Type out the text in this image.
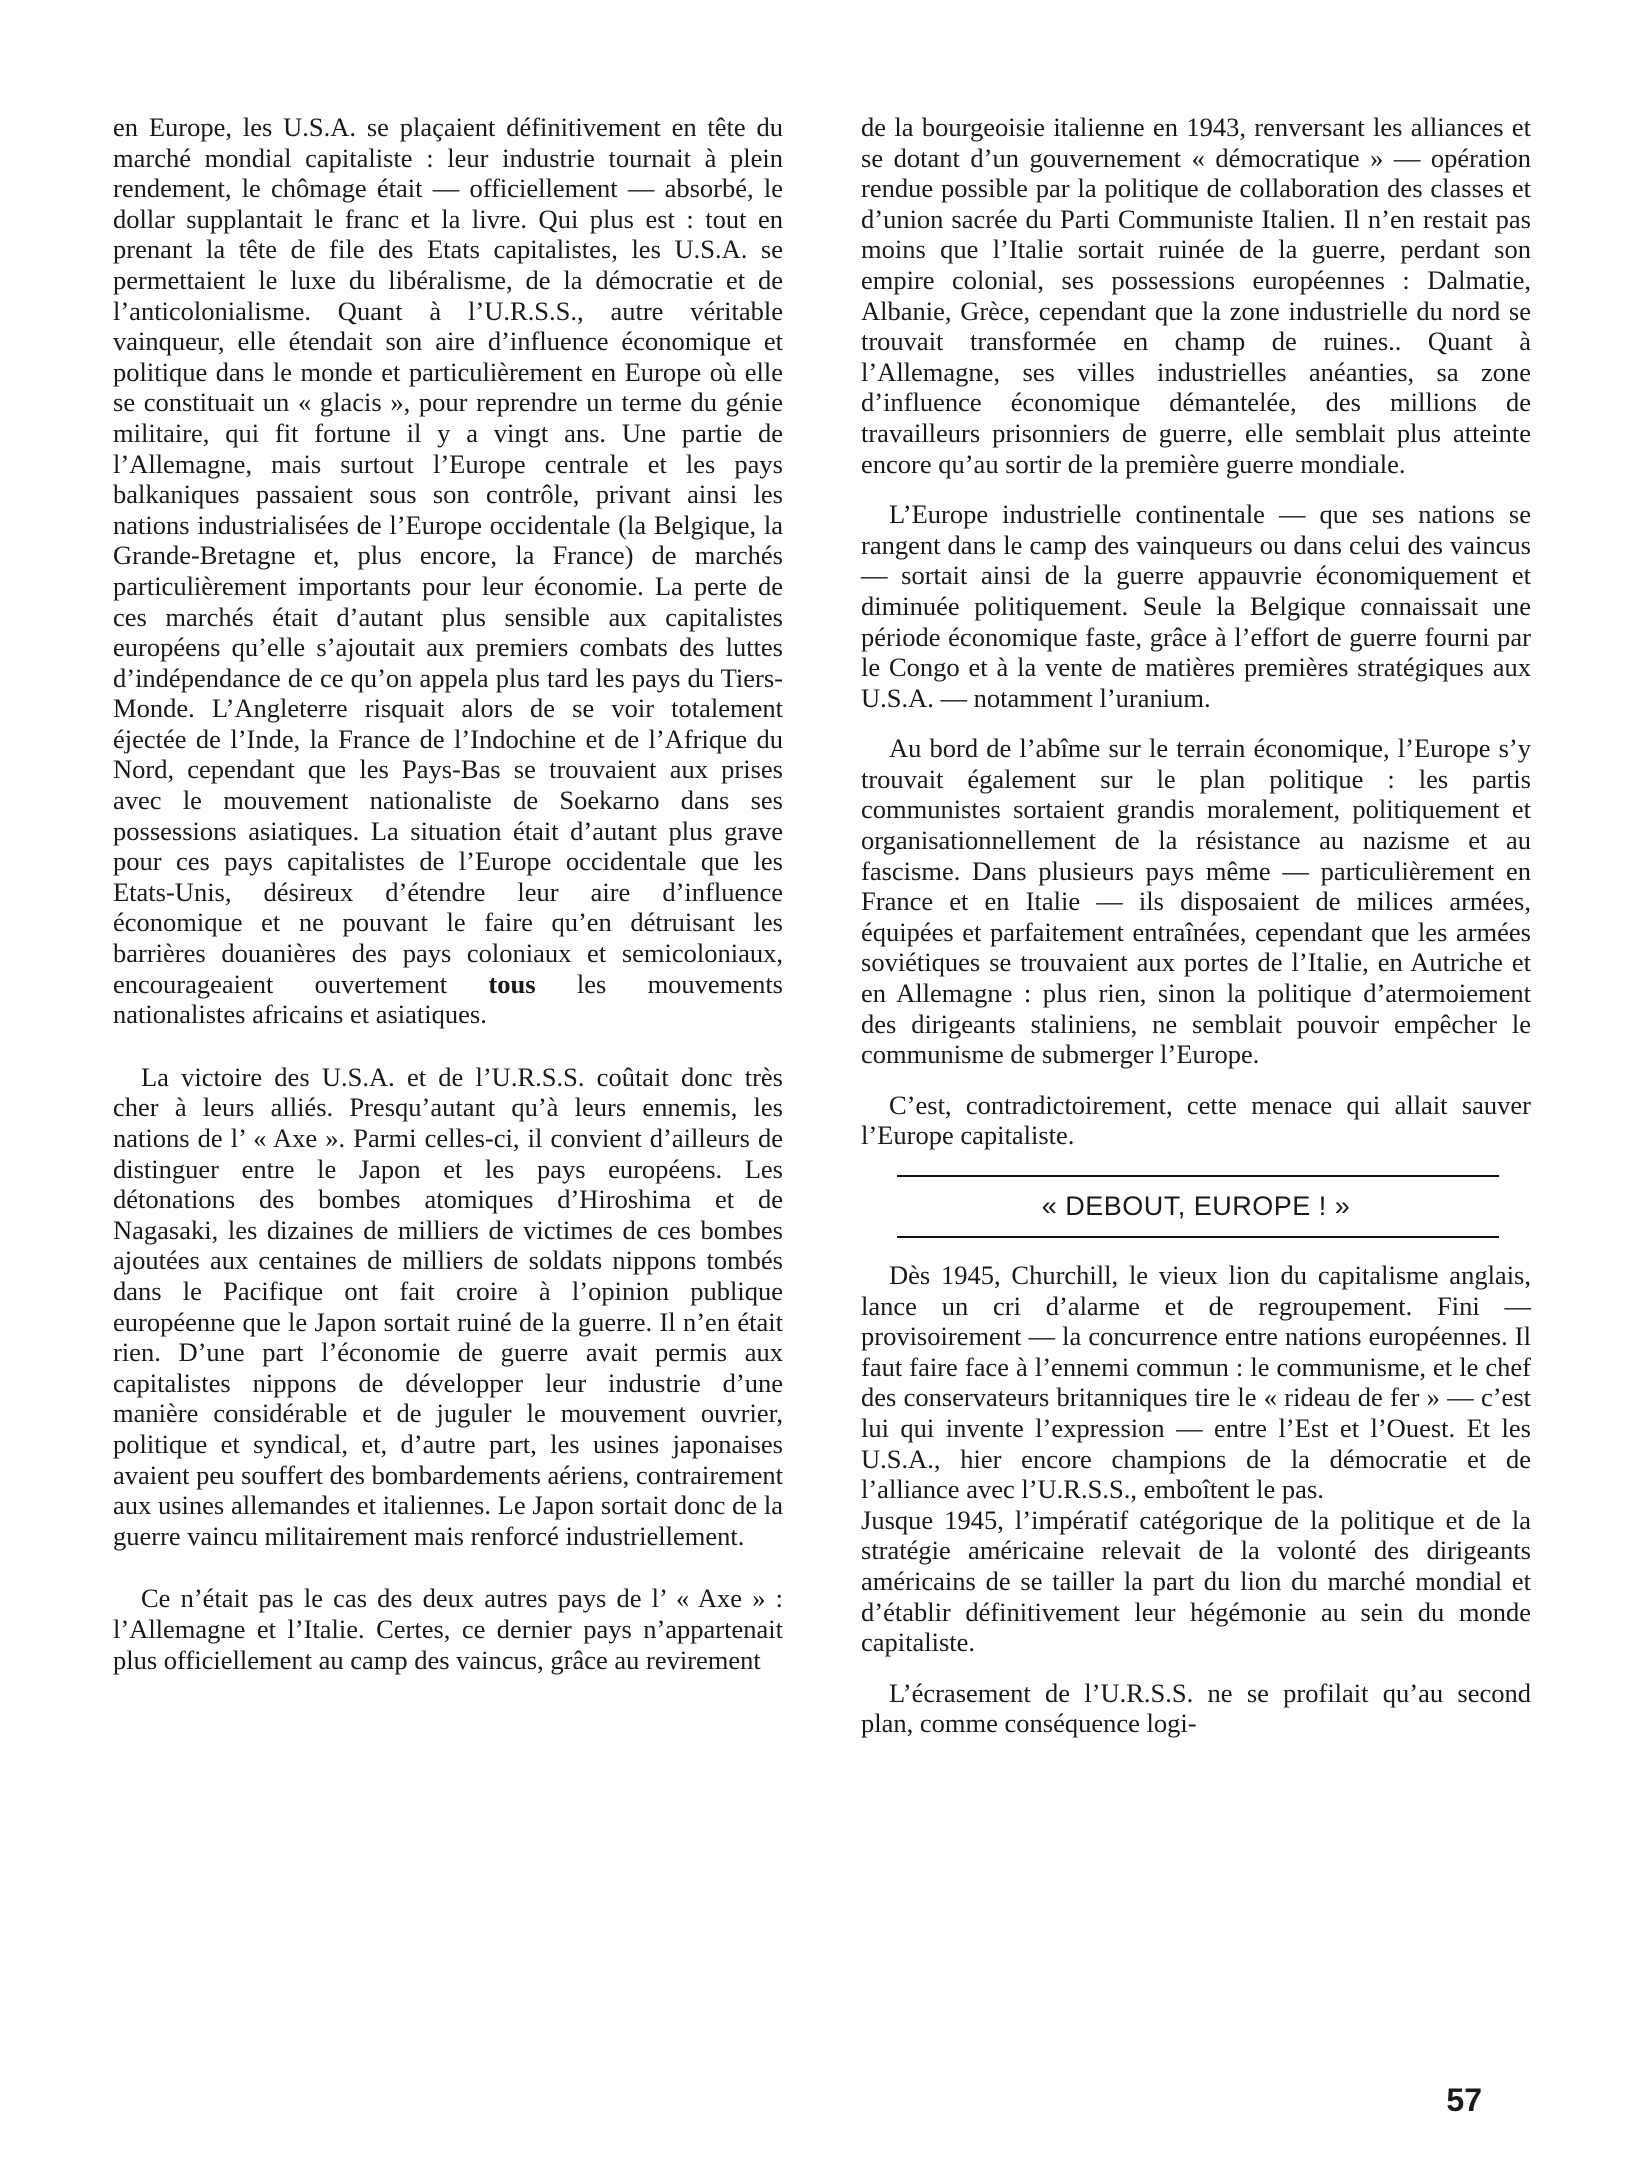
en Europe, les U.S.A. se plaçaient définitivement en tête du marché mondial capitaliste : leur industrie tournait à plein rendement, le chômage était — officiellement — absorbé, le dollar supplantait le franc et la livre. Qui plus est : tout en prenant la tête de file des Etats capitalistes, les U.S.A. se permettaient le luxe du libéralisme, de la démocratie et de l’anticolonialisme. Quant à l’U.R.S.S., autre véritable vainqueur, elle étendait son aire d’influence économique et politique dans le monde et particulièrement en Europe où elle se constituait un « glacis », pour reprendre un terme du génie militaire, qui fit fortune il y a vingt ans. Une partie de l’Allemagne, mais surtout l’Europe centrale et les pays balkaniques passaient sous son contrôle, privant ainsi les nations industrialisées de l’Europe occidentale (la Belgique, la Grande-Bretagne et, plus encore, la France) de marchés particulièrement importants pour leur économie. La perte de ces marchés était d’autant plus sensible aux capitalistes européens qu’elle s’ajoutait aux premiers combats des luttes d’indépendance de ce qu’on appela plus tard les pays du Tiers-Monde. L’Angleterre risquait alors de se voir totalement éjectée de l’Inde, la France de l’Indochine et de l’Afrique du Nord, cependant que les Pays-Bas se trouvaient aux prises avec le mouvement nationaliste de Soekarno dans ses possessions asiatiques. La situation était d’autant plus grave pour ces pays capitalistes de l’Europe occidentale que les Etats-Unis, désireux d’étendre leur aire d’influence économique et ne pouvant le faire qu’en détruisant les barrières douanières des pays coloniaux et semicoloniaux, encourageaient ouvertement tous les mouvements nationalistes africains et asiatiques.

La victoire des U.S.A. et de l’U.R.S.S. coûtait donc très cher à leurs alliés. Presqu’autant qu’à leurs ennemis, les nations de l’ « Axe ». Parmi celles-ci, il convient d’ailleurs de distinguer entre le Japon et les pays européens. Les détonations des bombes atomiques d’Hiroshima et de Nagasaki, les dizaines de milliers de victimes de ces bombes ajoutées aux centaines de milliers de soldats nippons tombés dans le Pacifique ont fait croire à l’opinion publique européenne que le Japon sortait ruiné de la guerre. Il n’en était rien. D’une part l’économie de guerre avait permis aux capitalistes nippons de développer leur industrie d’une manière considérable et de juguler le mouvement ouvrier, politique et syndical, et, d’autre part, les usines japonaises avaient peu souffert des bombardements aériens, contrairement aux usines allemandes et italiennes. Le Japon sortait donc de la guerre vaincu militairement mais renforcé industriellement.

Ce n’était pas le cas des deux autres pays de l’ « Axe » : l’Allemagne et l’Italie. Certes, ce dernier pays n’appartenait plus officiellement au camp des vaincus, grâce au revirement

de la bourgeoisie italienne en 1943, renversant les alliances et se dotant d’un gouvernement « démocratique » — opération rendue possible par la politique de collaboration des classes et d’union sacrée du Parti Communiste Italien. Il n’en restait pas moins que l’Italie sortait ruinée de la guerre, perdant son empire colonial, ses possessions européennes : Dalmatie, Albanie, Grèce, cependant que la zone industrielle du nord se trouvait transformée en champ de ruines.. Quant à l’Allemagne, ses villes industrielles anéanties, sa zone d’influence économique démantelée, des millions de travailleurs prisonniers de guerre, elle semblait plus atteinte encore qu’au sortir de la première guerre mondiale.

L’Europe industrielle continentale — que ses nations se rangent dans le camp des vainqueurs ou dans celui des vaincus — sortait ainsi de la guerre appauvrie économiquement et diminuée politiquement. Seule la Belgique connaissait une période économique faste, grâce à l’effort de guerre fourni par le Congo et à la vente de matières premières stratégiques aux U.S.A. — notamment l’uranium.

Au bord de l’abîme sur le terrain économique, l’Europe s’y trouvait également sur le plan politique : les partis communistes sortaient grandis moralement, politiquement et organisationnellement de la résistance au nazisme et au fascisme. Dans plusieurs pays même — particulièrement en France et en Italie — ils disposaient de milices armées, équipées et parfaitement entraînées, cependant que les armées soviétiques se trouvaient aux portes de l’Italie, en Autriche et en Allemagne : plus rien, sinon la politique d’atermoiement des dirigeants staliniens, ne semblait pouvoir empêcher le communisme de submerger l’Europe.

C’est, contradictoirement, cette menace qui allait sauver l’Europe capitaliste.

« DEBOUT, EUROPE ! »

Dès 1945, Churchill, le vieux lion du capitalisme anglais, lance un cri d’alarme et de regroupement. Fini — provisoirement — la concurrence entre nations européennes. Il faut faire face à l’ennemi commun : le communisme, et le chef des conservateurs britanniques tire le « rideau de fer » — c’est lui qui invente l’expression — entre l’Est et l’Ouest. Et les U.S.A., hier encore champions de la démocratie et de l’alliance avec l’U.R.S.S., emboîtent le pas.

Jusque 1945, l’impératif catégorique de la politique et de la stratégie américaine relevait de la volonté des dirigeants américains de se tailler la part du lion du marché mondial et d’établir définitivement leur hégémonie au sein du monde capitaliste.

L’écrasement de l’U.R.S.S. ne se profilait qu’au second plan, comme conséquence logi-

57
